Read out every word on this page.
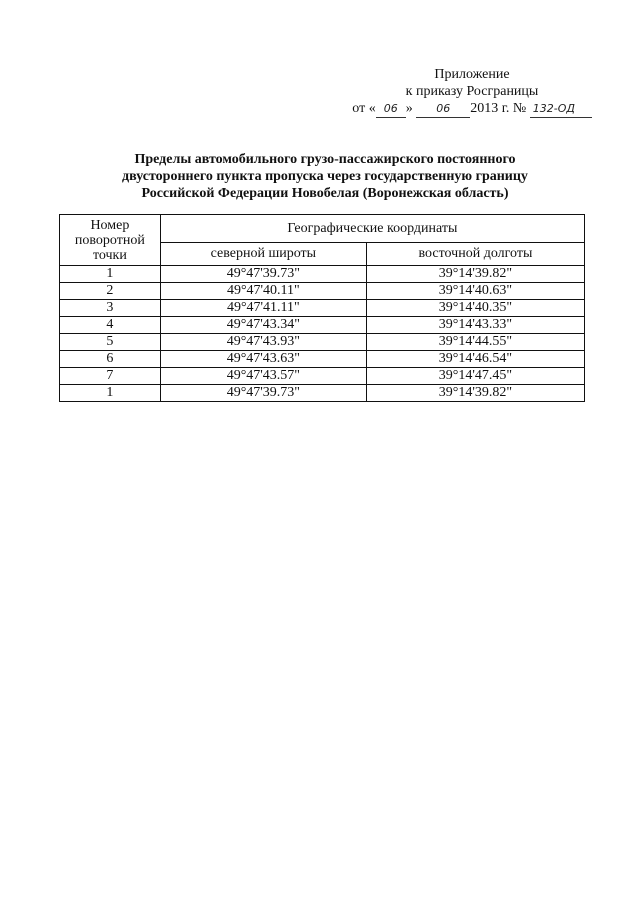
Приложение
к приказу Росграницы
от « 06 » 06 2013 г. № 132-ОД
Пределы автомобильного грузо-пассажирского постоянного
двустороннего пункта пропуска через государственную границу
Российской Федерации Новобелая (Воронежская область)
Номер поворотной точки	Географические координаты	
	северной широты	восточной долготы
1	49°47'39.73"	39°14'39.82"
2	49°47'40.11"	39°14'40.63"
3	49°47'41.11"	39°14'40.35"
4	49°47'43.34"	39°14'43.33"
5	49°47'43.93"	39°14'44.55"
6	49°47'43.63"	39°14'46.54"
7	49°47'43.57"	39°14'47.45"
1	49°47'39.73"	39°14'39.82"
